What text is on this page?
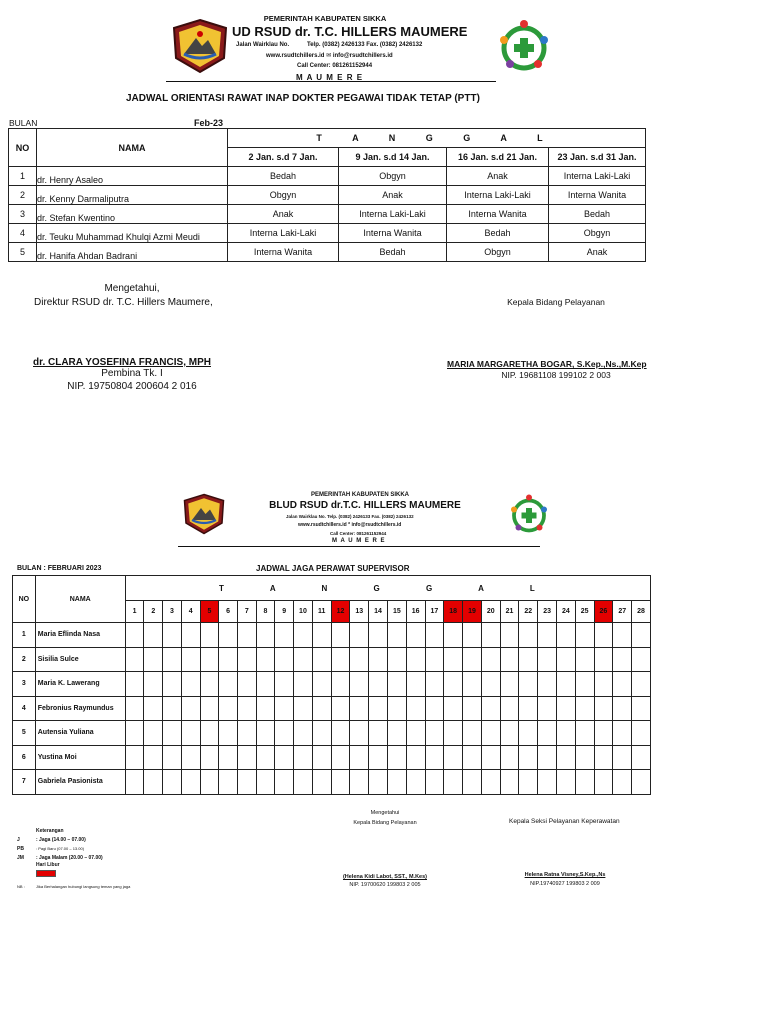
PEMERINTAH KABUPATEN SIKKA
UD RSUD dr. T.C. HILLERS MAUMERE
Jalan Wairklau No.	Telp. (0382) 2426133 Fax. (0382) 2426132
www.rsudtchillers.id ✉ info@rsudtchillers.id
Call Center: 081261152944
M A U M E R E
JADWAL ORIENTASI RAWAT INAP DOKTER PEGAWAI TIDAK TETAP (PTT)
BULAN	Feb-23
NO	NAMA	T A N G G A L			
		2 Jan. s.d 7 Jan.	9 Jan. s.d 14 Jan.	16 Jan. s.d 21 Jan.	23 Jan. s.d 31 Jan.
1	dr. Henry Asaleo	Bedah	Obgyn	Anak	Interna Laki-Laki
2	dr. Kenny Darmaliputra	Obgyn	Anak	Interna Laki-Laki	Interna Wanita
3	dr. Stefan Kwentino	Anak	Interna Laki-Laki	Interna Wanita	Bedah
4	dr. Teuku Muhammad Khulqi Azmi Meudi	Interna Laki-Laki	Interna Wanita	Bedah	Obgyn
5	dr. Hanifa Ahdan Badrani	Interna Wanita	Bedah	Obgyn	Anak
Mengetahui,
Direktur RSUD dr. T.C. Hillers Maumere,
dr. CLARA YOSEFINA FRANCIS, MPH
Pembina Tk. I
NIP. 19750804 200604 2 016
Kepala Bidang Pelayanan
MARIA MARGARETHA BOGAR, S.Kep.,Ns.,M.Kep
NIP. 19681108 199102 2 003
PEMERINTAH KABUPATEN SIKKA
BLUD RSUD dr.T.C. HILLERS MAUMERE
Jalan Wairklau No. Telp. (0382) 2426133 Fax. (0382) 2426132
www.rsudtchillers.id * info@rsudtchillers.id
Call Center: 081261152944
M A U M E R E
BULAN : FEBRUARI 2023	JADWAL JAGA PERAWAT SUPERVISOR
NO	NAMA	T A N G G A L																											
		1	2	3	4	5	6	7	8	9	10	11	12	13	14	15	16	17	18	19	20	21	22	23	24	25	26	27	28
1	Maria Eflinda Nasa																												
2	Sisilia Sulce																												
3	Maria K. Lawerang																												
4	Febronius Raymundus																												
5	Autensia Yuliana																												
6	Yustina Moi																												
7	Gabriela Pasionista																												
Keterangan
J	: Jaga (14.00 – 07.00)
PB	: Pagi Baru (07.00 – 13.00)
JM : Jaga Malam (20.00 – 07.00)
Hari Libur
NB :	Jika Berhalangan hubungi langsung teman yang jaga
Mengetahui
Kepala Bidang Pelayanan
(Helena Kidi Labot, SST., M.Kes)
NIP. 19700620 199803 2 005
Kepala Seksi Pelayanan Keperawatan
Helena Ratna Visney,S.Kep.,Ns
NIP.19740927 199803 2 009
